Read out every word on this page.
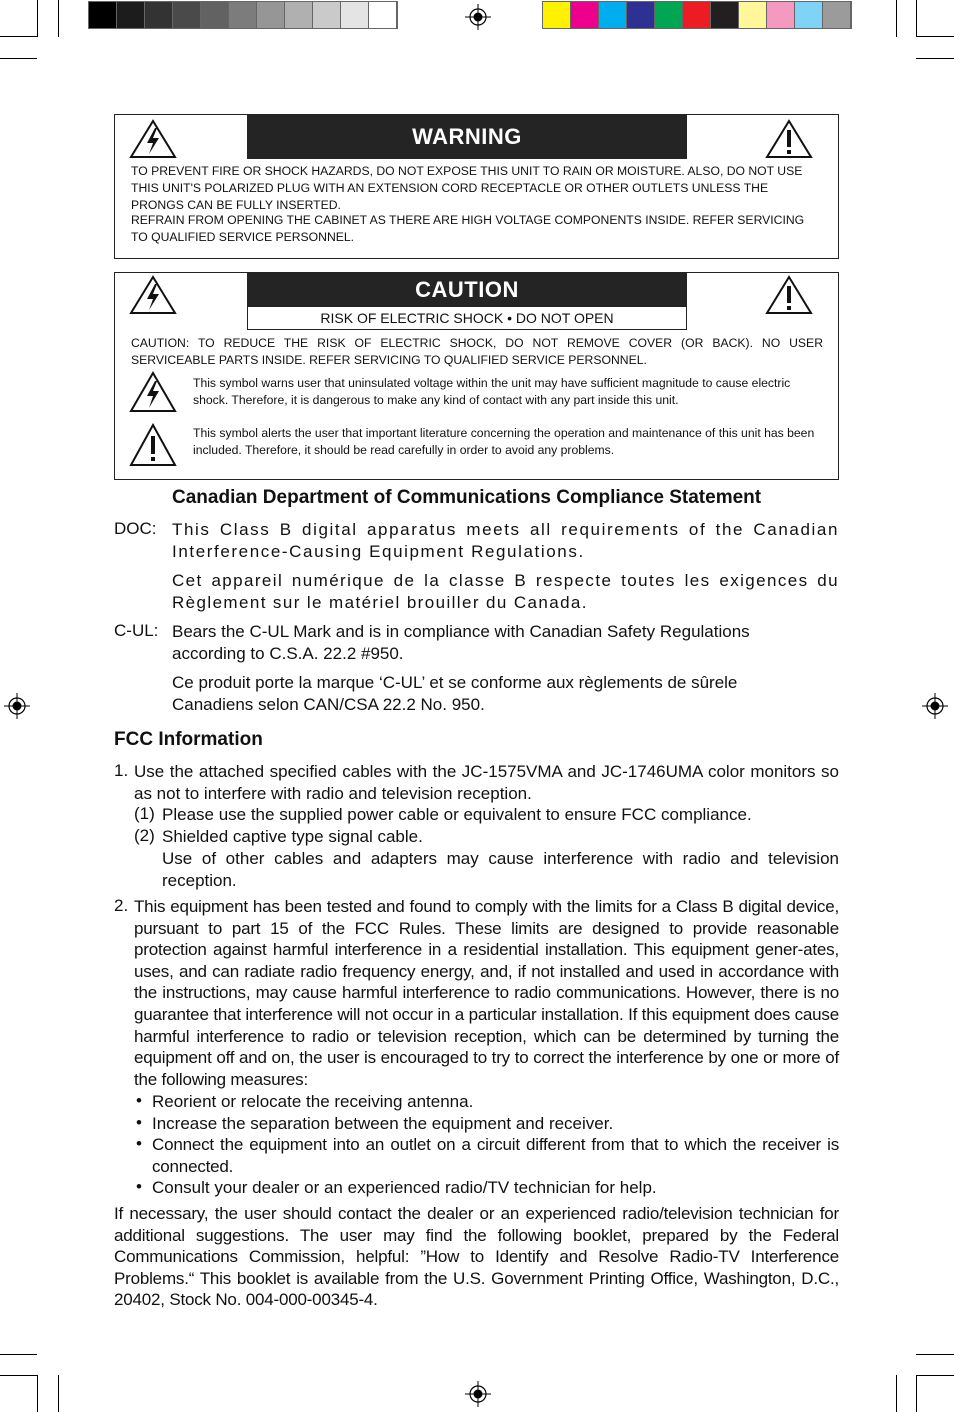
WARNING
TO PREVENT FIRE OR SHOCK HAZARDS, DO NOT EXPOSE THIS UNIT TO RAIN OR MOISTURE. ALSO, DO NOT USE THIS UNIT'S POLARIZED PLUG WITH AN EXTENSION CORD RECEPTACLE OR OTHER OUTLETS UNLESS THE PRONGS CAN BE FULLY INSERTED.
REFRAIN FROM OPENING THE CABINET AS THERE ARE HIGH VOLTAGE COMPONENTS INSIDE. REFER SERVICING TO QUALIFIED SERVICE PERSONNEL.
CAUTION
RISK OF ELECTRIC SHOCK • DO NOT OPEN
CAUTION: TO REDUCE THE RISK OF ELECTRIC SHOCK, DO NOT REMOVE COVER (OR BACK). NO USER SERVICEABLE PARTS INSIDE. REFER SERVICING TO QUALIFIED SERVICE PERSONNEL.
This symbol warns user that uninsulated voltage within the unit may have sufficient magnitude to cause electric shock. Therefore, it is dangerous to make any kind of contact with any part inside this unit.
This symbol alerts the user that important literature concerning the operation and maintenance of this unit has been included. Therefore, it should be read carefully in order to avoid any problems.
Canadian Department of Communications Compliance Statement
DOC: This Class B digital apparatus meets all requirements of the Canadian Interference-Causing Equipment Regulations.
Cet appareil numérique de la classe B respecte toutes les exigences du Règlement sur le matériel brouiller du Canada.
C-UL: Bears the C-UL Mark and is in compliance with Canadian Safety Regulations according to C.S.A. 22.2 #950.
Ce produit porte la marque ‘C-UL’ et se conforme aux règlements de sûrele Canadiens selon CAN/CSA 22.2 No. 950.
FCC Information
1. Use the attached specified cables with the JC-1575VMA and JC-1746UMA color monitors so as not to interfere with radio and television reception.
(1) Please use the supplied power cable or equivalent to ensure FCC compliance.
(2) Shielded captive type signal cable.
Use of other cables and adapters may cause interference with radio and television reception.
2. This equipment has been tested and found to comply with the limits for a Class B digital device, pursuant to part 15 of the FCC Rules. These limits are designed to provide reasonable protection against harmful interference in a residential installation. This equipment gener-ates, uses, and can radiate radio frequency energy, and, if not installed and used in accordance with the instructions, may cause harmful interference to radio communications. However, there is no guarantee that interference will not occur in a particular installation. If this equipment does cause harmful interference to radio or television reception, which can be determined by turning the equipment off and on, the user is encouraged to try to correct the interference by one or more of the following measures:
• Reorient or relocate the receiving antenna.
• Increase the separation between the equipment and receiver.
• Connect the equipment into an outlet on a circuit different from that to which the receiver is connected.
• Consult your dealer or an experienced radio/TV technician for help.
If necessary, the user should contact the dealer or an experienced radio/television technician for additional suggestions. The user may find the following booklet, prepared by the Federal Communications Commission, helpful: ”How to Identify and Resolve Radio-TV Interference Problems.“ This booklet is available from the U.S. Government Printing Office, Washington, D.C., 20402, Stock No. 004-000-00345-4.
